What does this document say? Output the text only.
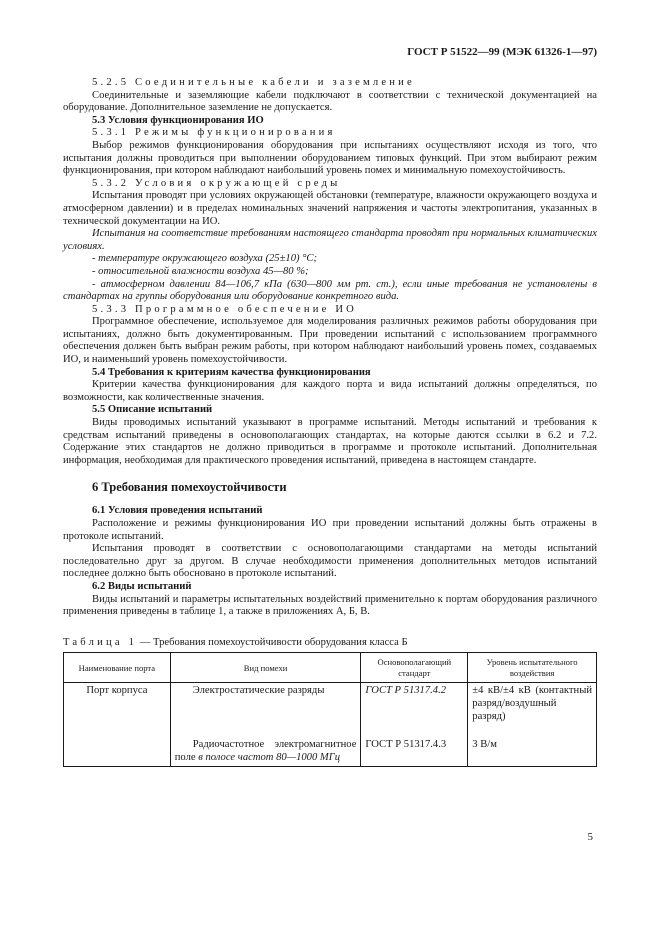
ГОСТ Р 51522—99 (МЭК 61326-1—97)

5.2.5 Соединительные кабели и заземление

Соединительные и заземляющие кабели подключают в соответствии с технической документацией на оборудование. Дополнительное заземление не допускается.

5.3 Условия функционирования ИО

5.3.1 Режимы функционирования

Выбор режимов функционирования оборудования при испытаниях осуществляют исходя из того, что испытания должны проводиться при выполнении оборудованием типовых функций. При этом выбирают режим функционирования, при котором наблюдают наибольший уровень помех и минимальную помехоустойчивость.

5.3.2 Условия окружающей среды

Испытания проводят при условиях окружающей обстановки (температуре, влажности окружающего воздуха и атмосферном давлении) и в пределах номинальных значений напряжения и частоты электропитания, указанных в технической документации на ИО.

Испытания на соответствие требованиям настоящего стандарта проводят при нормальных климатических условиях.

- температуре окружающего воздуха (25±10) °С;

- относительной влажности воздуха 45—80 %;

- атмосферном давлении 84—106,7 кПа (630—800 мм рт. ст.), если иные требования не установлены в стандартах на группы оборудования или оборудование конкретного вида.

5.3.3 Программное обеспечение ИО

Программное обеспечение, используемое для моделирования различных режимов работы оборудования при испытаниях, должно быть документированным. При проведении испытаний с использованием программного обеспечения должен быть выбран режим работы, при котором наблюдают наибольший уровень помех, создаваемых ИО, и наименьший уровень помехоустойчивости.

5.4 Требования к критериям качества функционирования

Критерии качества функционирования для каждого порта и вида испытаний должны определяться, по возможности, как количественные значения.

5.5 Описание испытаний

Виды проводимых испытаний указывают в программе испытаний. Методы испытаний и требования к средствам испытаний приведены в основополагающих стандартах, на которые даются ссылки в 6.2 и 7.2. Содержание этих стандартов не должно приводиться в программе и протоколе испытаний. Дополнительная информация, необходимая для практического проведения испытаний, приведена в настоящем стандарте.

6 Требования помехоустойчивости

6.1 Условия проведения испытаний

Расположение и режимы функционирования ИО при проведении испытаний должны быть отражены в протоколе испытаний.

Испытания проводят в соответствии с основополагающими стандартами на методы испытаний последовательно друг за другом. В случае необходимости применения дополнительных методов испытаний последнее должно быть обосновано в протоколе испытаний.

6.2 Виды испытаний

Виды испытаний и параметры испытательных воздействий применительно к портам оборудования различного применения приведены в таблице 1, а также в приложениях А, Б, В.

Таблица 1 — Требования помехоустойчивости оборудования класса Б

Наименование порта	Вид помехи	Основополагающий стандарт	Уровень испытательного воздействия
Порт корпуса	Электростатические разряды	ГОСТ Р 51317.4.2	±4 кВ/±4 кВ (контактный разряд/воздушный разряд)
	Радиочастотное электромагнитное поле в полосе частот 80—1000 МГц	ГОСТ Р 51317.4.3	3 В/м
5
